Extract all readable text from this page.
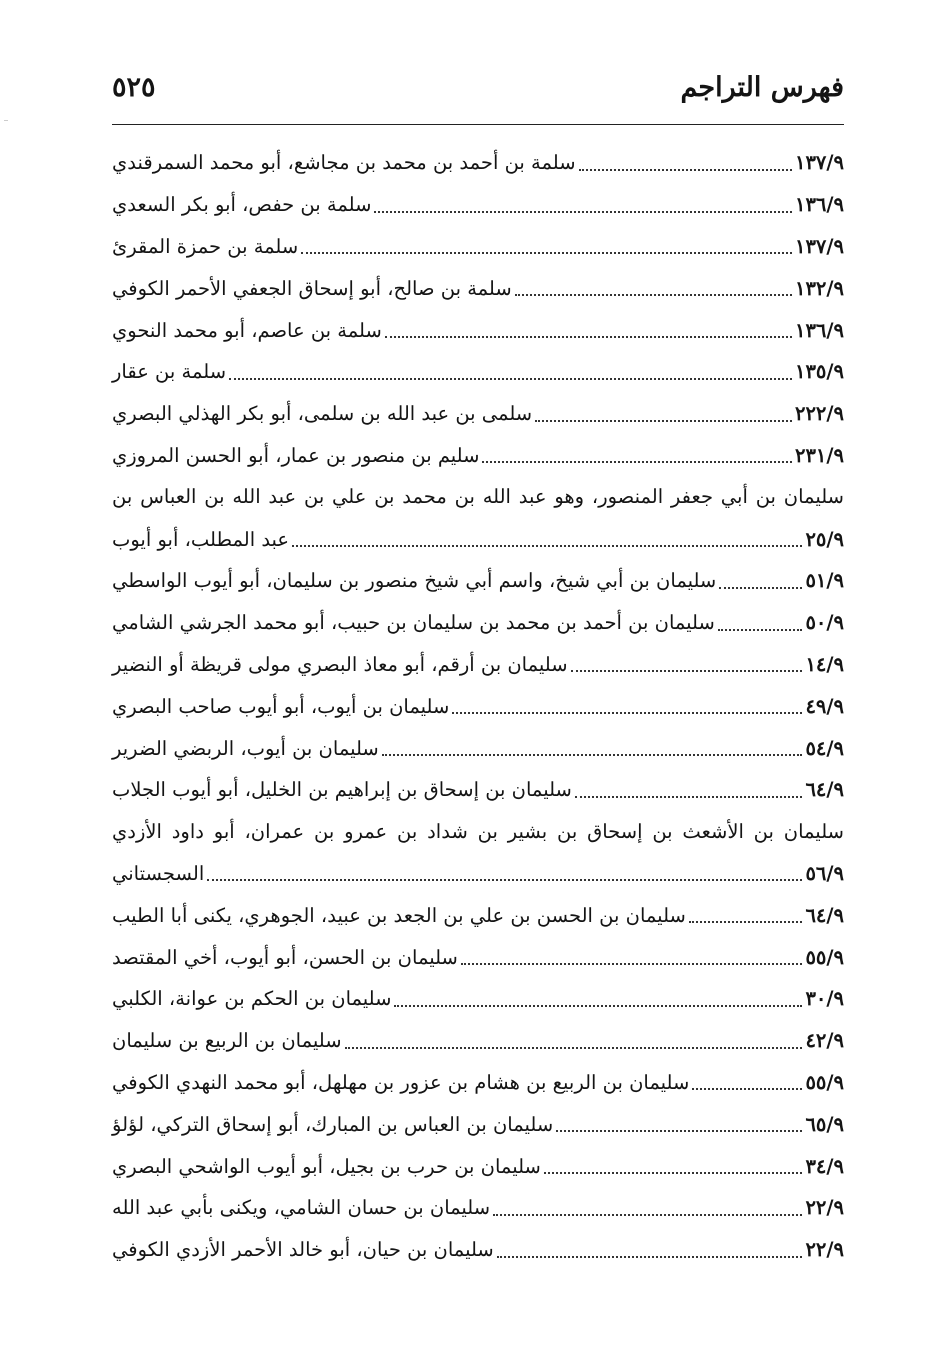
فهرس التراجم
٥٢٥
سلمة بن أحمد بن محمد بن مجاشع، أبو محمد السمرقندي	١٣٧/٩
سلمة بن حفص، أبو بكر السعدي	١٣٦/٩
سلمة بن حمزة المقرئ	١٣٧/٩
سلمة بن صالح، أبو إسحاق الجعفي الأحمر الكوفي	١٣٢/٩
سلمة بن عاصم، أبو محمد النحوي	١٣٦/٩
سلمة بن عقار	١٣٥/٩
سلمى بن عبد الله بن سلمى، أبو بكر الهذلي البصري	٢٢٢/٩
سليم بن منصور بن عمار، أبو الحسن المروزي	٢٣١/٩
سليمان بن أبي جعفر المنصور، وهو عبد الله بن محمد بن علي بن عبد الله بن العباس بن
عبد المطلب، أبو أيوب	٢٥/٩
سليمان بن أبي شيخ، واسم أبي شيخ منصور بن سليمان، أبو أيوب الواسطي	٥١/٩
سليمان بن أحمد بن محمد بن سليمان بن حبيب، أبو محمد الجرشي الشامي	٥٠/٩
سليمان بن أرقم، أبو معاذ البصري مولى قريظة أو النضير	١٤/٩
سليمان بن أيوب، أبو أيوب صاحب البصري	٤٩/٩
سليمان بن أيوب، الربضي الضرير	٥٤/٩
سليمان بن إسحاق بن إبراهيم بن الخليل، أبو أيوب الجلاب	٦٤/٩
سليمان بن الأشعث بن إسحاق بن بشير بن شداد بن عمرو بن عمران، أبو داود الأزدي
السجستاني	٥٦/٩
سليمان بن الحسن بن علي بن الجعد بن عبيد، الجوهري، يكنى أبا الطيب	٦٤/٩
سليمان بن الحسن، أبو أيوب، أخي المقتصد	٥٥/٩
سليمان بن الحكم بن عوانة، الكلبي	٣٠/٩
سليمان بن الربيع بن سليمان	٤٢/٩
سليمان بن الربيع بن هشام بن عزور بن مهلهل، أبو محمد النهدي الكوفي	٥٥/٩
سليمان بن العباس بن المبارك، أبو إسحاق التركي، لؤلؤ	٦٥/٩
سليمان بن حرب بن بجيل، أبو أيوب الواشحي البصري	٣٤/٩
سليمان بن حسان الشامي، ويكنى بأبي عبد الله	٢٢/٩
سليمان بن حيان، أبو خالد الأحمر الأزدي الكوفي	٢٢/٩
